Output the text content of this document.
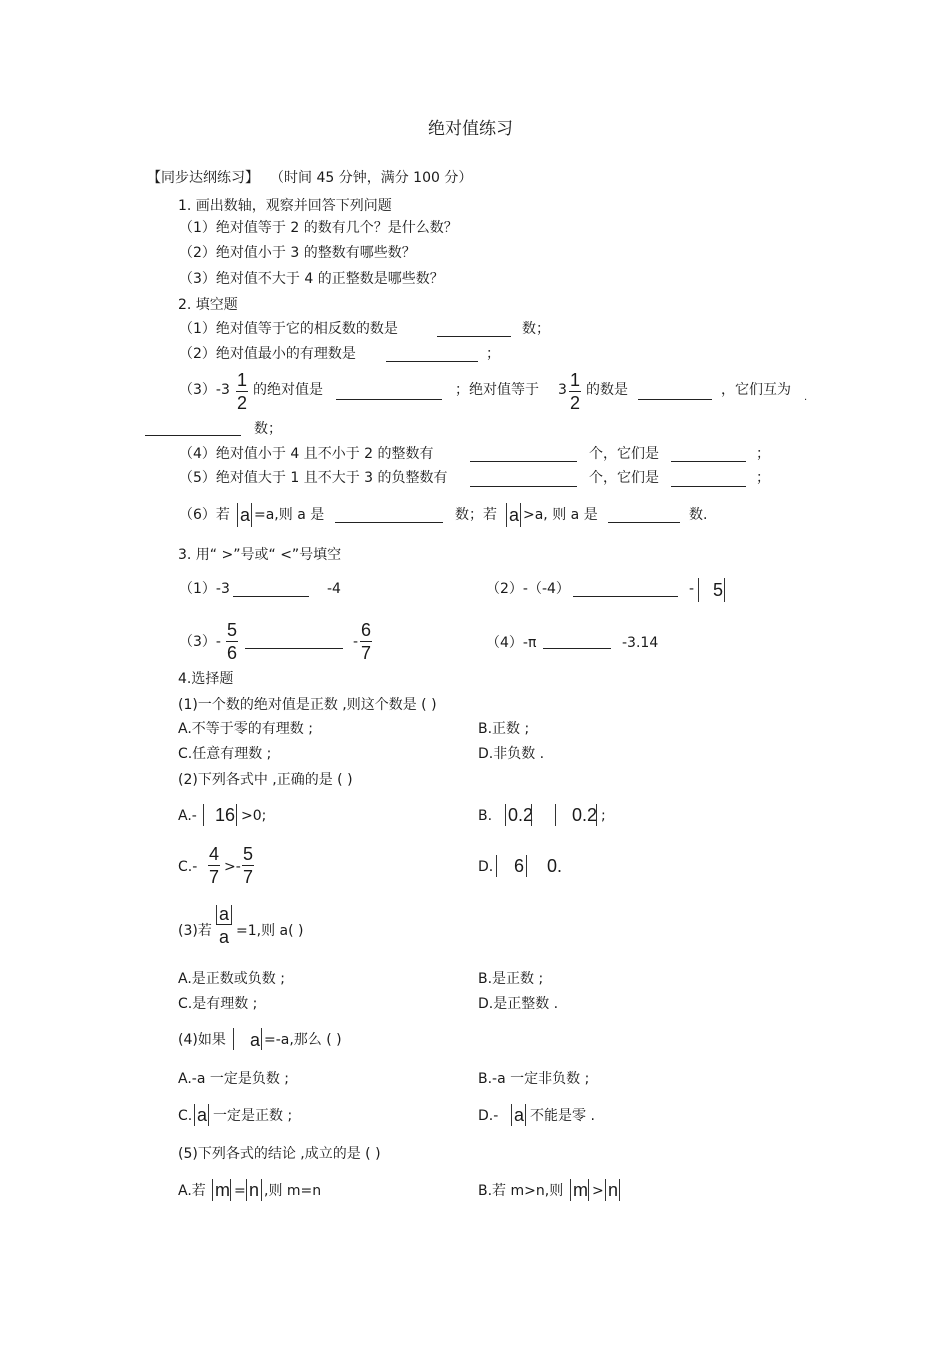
绝对值练习
【同步达纲练习】 （时间 45 分钟，满分 100 分）
1. 画出数轴，观察并回答下列问题
（1）绝对值等于 2 的数有几个？是什么数？
（2）绝对值小于 3 的整数有哪些数？
（3）绝对值不大于 4 的正整数是哪些数？
2. 填空题
（1）绝对值等于它的相反数的数是	数；
（2）绝对值最小的有理数是	；
$(3)-3 \frac{1}{2}$ 的绝对值是	；绝对值等于 $3 \frac{1}{2}$ 的数是	，它们互为 .
数；
（4）绝对值小于 4 且不小于 2 的整数有	个，它们是	；
（5）绝对值大于 1 且不大于 3 的负整数有	个，它们是	；
（6）若 a =a,则 a 是	数；若 a >a, 则 a 是	数.
3. 用“ >”号或“ <”号填空
（1）-3	-4	（2）-（-4）	- 5
$(3)- \frac{5}{6}$	- $\frac{6}{7}$	（4）-π	-3.14
4.选择题
(1)一个数的绝对值是正数 ,则这个数是 ( )
A.不等于零的有理数 ;	B.正数 ;
C.任意有理数 ;	D.非负数 .
(2)下列各式中 ,正确的是 ( )
A.- 16 >0;	B. 0.2 0.2 ;
$C.- \frac{4}{7} >- \frac{5}{7}$	D. 6 0.
(3)若 $\frac{a}{a} =1$,则 a( )
A.是正数或负数 ;	B.是正数 ;
C.是有理数 ;	D.是正整数 .
(4)如果 a =-a,那么 ( )
A.-a 一定是负数 ;	B.-a 一定非负数 ;
C. a 一定是正数 ;	D.- a 不能是零 .
(5)下列各式的结论 ,成立的是 ( )
A.若 m = n ,则 m=n	B.若 m>n,则 m > n
